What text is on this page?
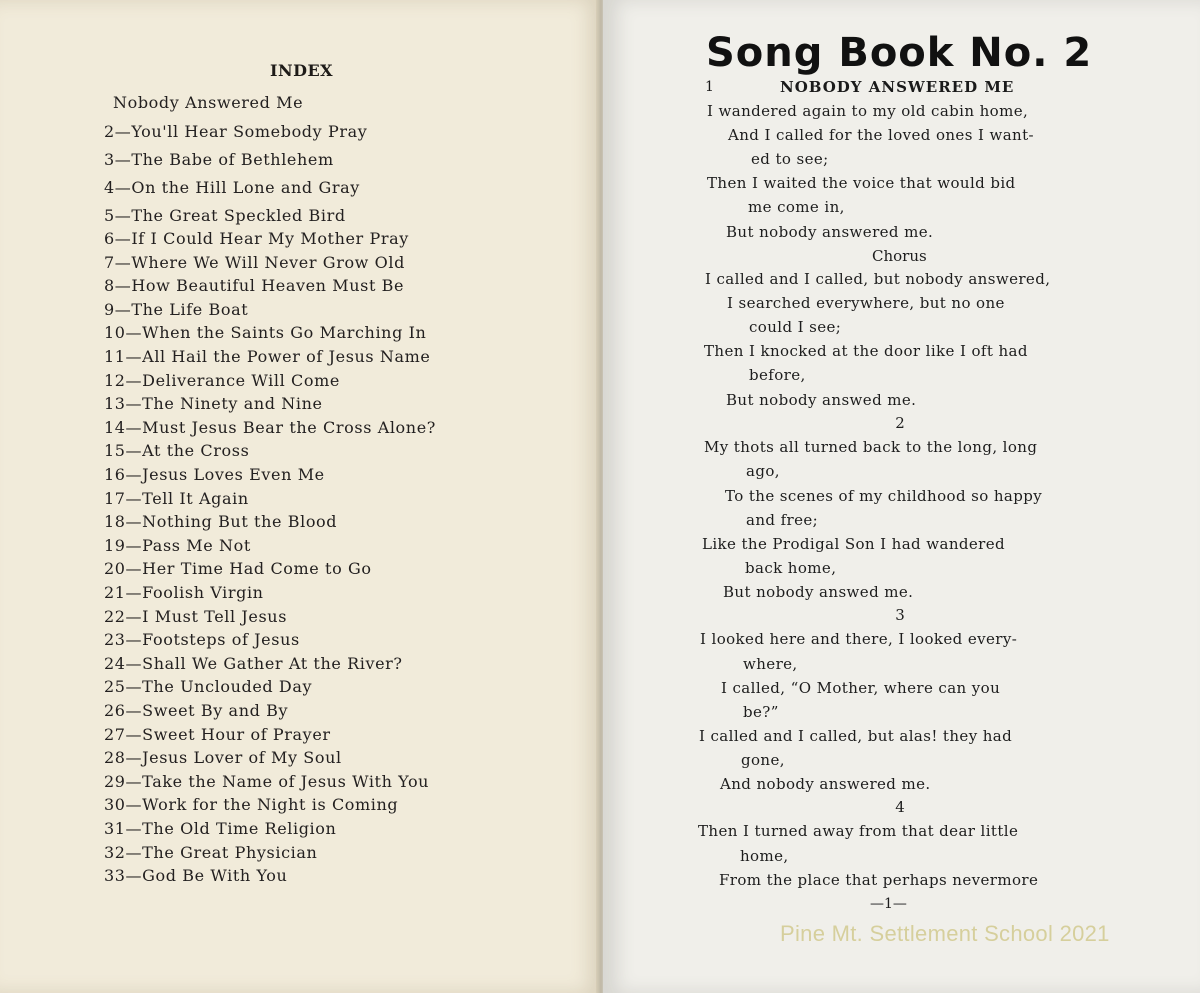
INDEX
Nobody Answered Me
2—You'll Hear Somebody Pray
3—The Babe of Bethlehem
4—On the Hill Lone and Gray
5—The Great Speckled Bird
6—If I Could Hear My Mother Pray
7—Where We Will Never Grow Old
8—How Beautiful Heaven Must Be
9—The Life Boat
10—When the Saints Go Marching In
11—All Hail the Power of Jesus Name
12—Deliverance Will Come
13—The Ninety and Nine
14—Must Jesus Bear the Cross Alone?
15—At the Cross
16—Jesus Loves Even Me
17—Tell It Again
18—Nothing But the Blood
19—Pass Me Not
20—Her Time Had Come to Go
21—Foolish Virgin
22—I Must Tell Jesus
23—Footsteps of Jesus
24—Shall We Gather At the River?
25—The Unclouded Day
26—Sweet By and By
27—Sweet Hour of Prayer
28—Jesus Lover of My Soul
29—Take the Name of Jesus With You
30—Work for the Night is Coming
31—The Old Time Religion
32—The Great Physician
33—God Be With You
Song Book No. 2
1	NOBODY ANSWERED ME
I wandered again to my old cabin home,
And I called for the loved ones I want-
ed to see;
Then I waited the voice that would bid
me come in,
But nobody answered me.
Chorus
I called and I called, but nobody answered,
I searched everywhere, but no one
could I see;
Then I knocked at the door like I oft had
before,
But nobody answed me.
2
My thots all turned back to the long, long
ago,
To the scenes of my childhood so happy
and free;
Like the Prodigal Son I had wandered
back home,
But nobody answed me.
3
I looked here and there, I looked every-
where,
I called, “O Mother, where can you
be?”
I called and I called, but alas! they had
gone,
And nobody answered me.
4
Then I turned away from that dear little
home,
From the place that perhaps nevermore
—1—
Pine Mt. Settlement School 2021
